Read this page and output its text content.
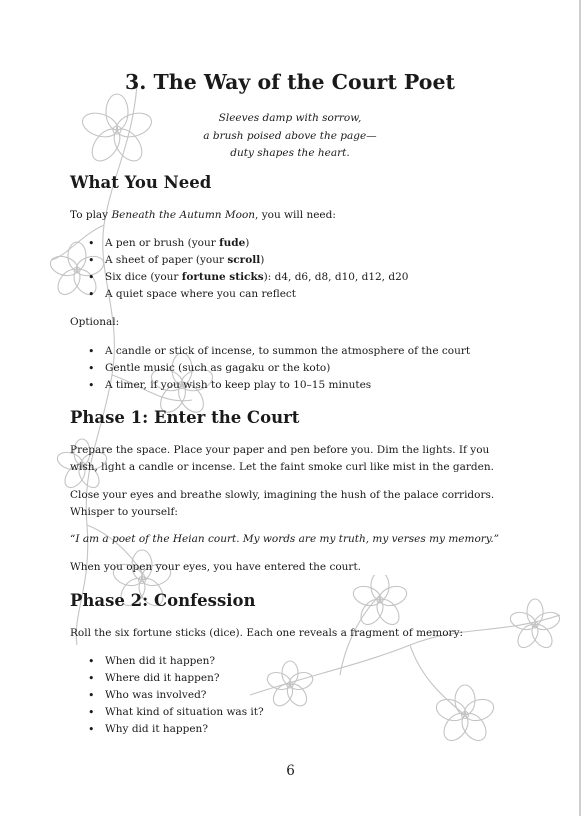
3. The Way of the Court Poet
Sleeves damp with sorrow,
a brush poised above the page—
duty shapes the heart.
What You Need

To play Beneath the Autumn Moon, you will need:

• A pen or brush (your fude)
• A sheet of paper (your scroll)
• Six dice (your fortune sticks): d4, d6, d8, d10, d12, d20
• A quiet space where you can reflect

Optional:

• A candle or stick of incense, to summon the atmosphere of the court
• Gentle music (such as gagaku or the koto)
• A timer, if you wish to keep play to 10–15 minutes
Phase 1: Enter the Court

Prepare the space. Place your paper and pen before you. Dim the lights. If you wish, light a candle or incense. Let the faint smoke curl like mist in the garden.

Close your eyes and breathe slowly, imagining the hush of the palace corridors. Whisper to yourself:

“I am a poet of the Heian court. My words are my truth, my verses my memory.”

When you open your eyes, you have entered the court.

Phase 2: Confession

Roll the six fortune sticks (dice). Each one reveals a fragment of memory:

• When did it happen?
• Where did it happen?
• Who was involved?
• What kind of situation was it?
• Why did it happen?
6
